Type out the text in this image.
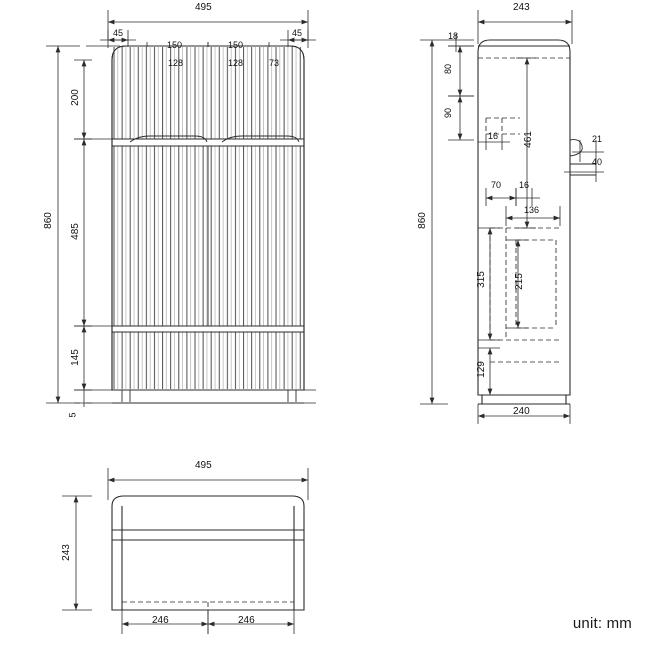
495
45	45
150	150
128	128	73
860
200
485
145
5
243
240
18
80
90
16 461	21
40
70 16
136
315	215
129
860
495
243
246	246	unit: mm
